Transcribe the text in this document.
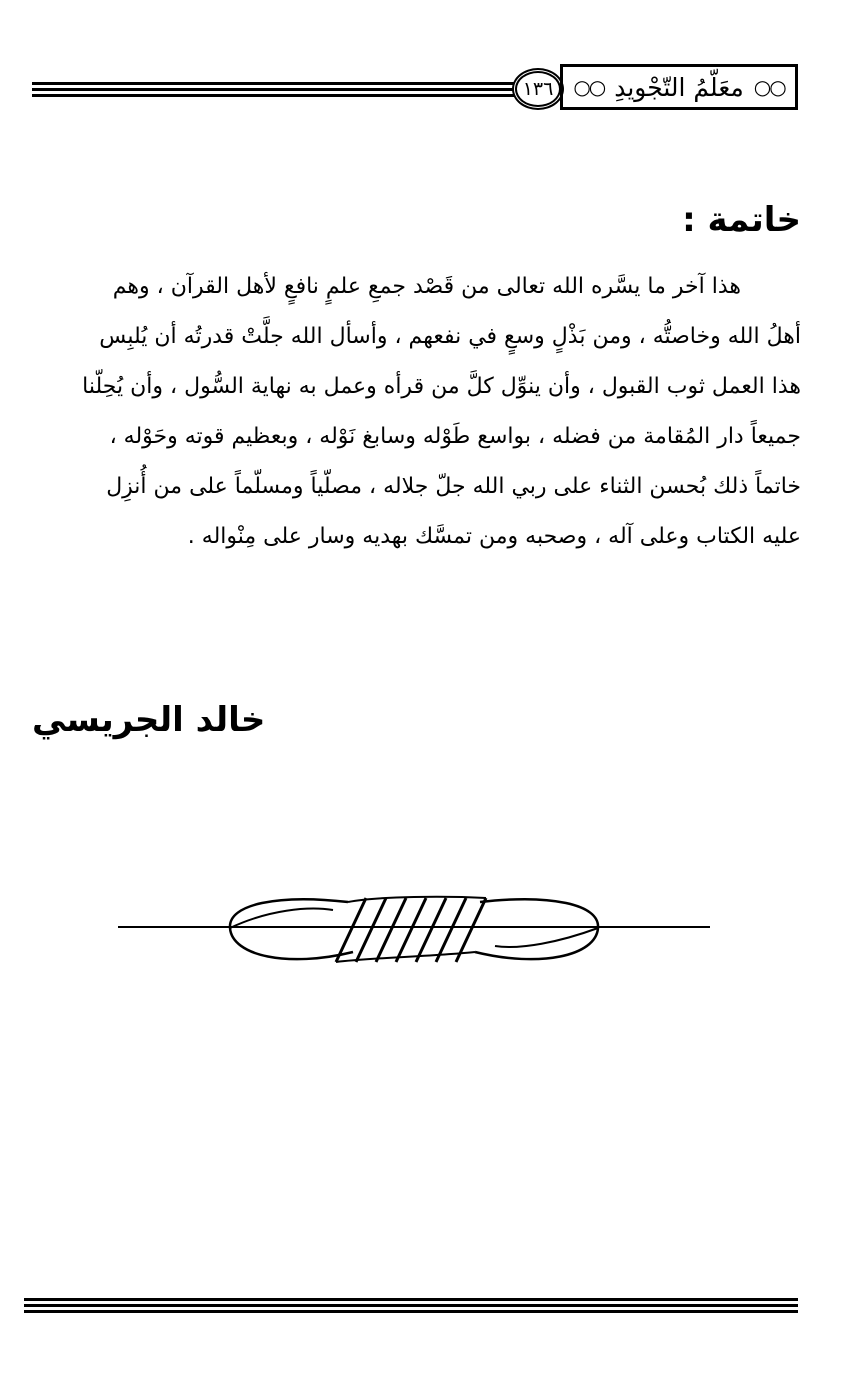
١٣٦	○○
معَلّمُ التّجْويدِ
○○
خاتمة :
هذا آخر ما يسَّره الله تعالى من قَصْد جمعِ علمٍ نافعٍ لأهل القرآن ، وهم
أهلُ الله وخاصتُّه ، ومن بَذْلٍ وسعٍ في نفعهم ، وأسأل الله جلَّتْ قدرتُه أن يُلبِس
هذا العمل ثوب القبول ، وأن ينوِّل كلَّ من قرأه وعمل به نهاية السُّول ، وأن يُحِلّنا
جميعاً دار المُقامة من فضله ، بواسع طَوْله وسابغ نَوْله ، وبعظيم قوته وحَوْله ،
خاتماً ذلك بُحسن الثناء على ربي الله جلّ جلاله ، مصلّياً ومسلّماً على من أُنزِل
عليه الكتاب وعلى آله ، وصحبه ومن تمسَّك بهديه وسار على مِنْواله .
خالد الجريسي
